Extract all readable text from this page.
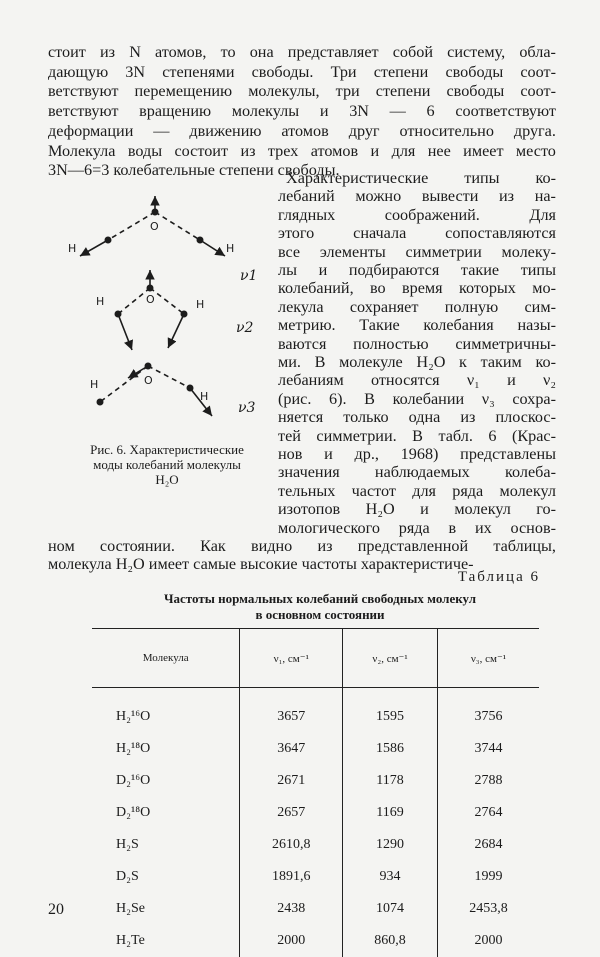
стоит из N атомов, то она представляет собой систему, обла-
дающую 3N степенями свободы. Три степени свободы соот-
ветствуют перемещению молекулы, три степени свободы соот-
ветствуют вращению молекулы и 3N — 6 соответствуют
деформации — движению атомов друг относительно друга.
Молекула воды состоит из трех атомов и для нее имеет место
3N—6=3 колебательные степени свободы.
Характеристические типы ко-
лебаний можно вывести из на-
глядных	соображений.	Для
этого сначала сопоставляются
все элементы симметрии молеку-
лы и подбираются такие типы
колебаний, во время которых мо-
лекула сохраняет полную сим-
метрию. Такие колебания назы-
ваются полностью симметричны-
ми. В молекуле H₂O к таким ко-
лебаниям относятся ν₁ и ν₂
(рис. 6). В колебании ν₃ сохра-
няется только одна из плоскос-
тей симметрии. В табл. 6 (Крас-
нов и др., 1968) представлены
значения наблюдаемых колеба-
тельных частот для ряда молекул
изотопов H₂O и молекул го-
мологического ряда в их основ-
ном состоянии. Как видно из представленной таблицы,
молекула H₂O имеет самые высокие частоты характеристиче-
O
H	H
O
H	H
O
H
H
ν1
ν2
ν3
Рис. 6. Характеристические
моды колебаний молекулы
H₂O
Таблица 6
Частоты нормальных колебаний свободных молекул
в основном состоянии
Молекула	ν₁, см⁻¹	ν₂, см⁻¹	ν₃, см⁻¹
H₂¹⁶O	3657	1595	3756
H₂¹⁸O	3647	1586	3744
D₂¹⁶O	2671	1178	2788
D₂¹⁸O	2657	1169	2764
H₂S	2610,8	1290	2684
D₂S	1891,6	934	1999
H₂Se	2438	1074	2453,8
H₂Te	2000	860,8	2000
20
